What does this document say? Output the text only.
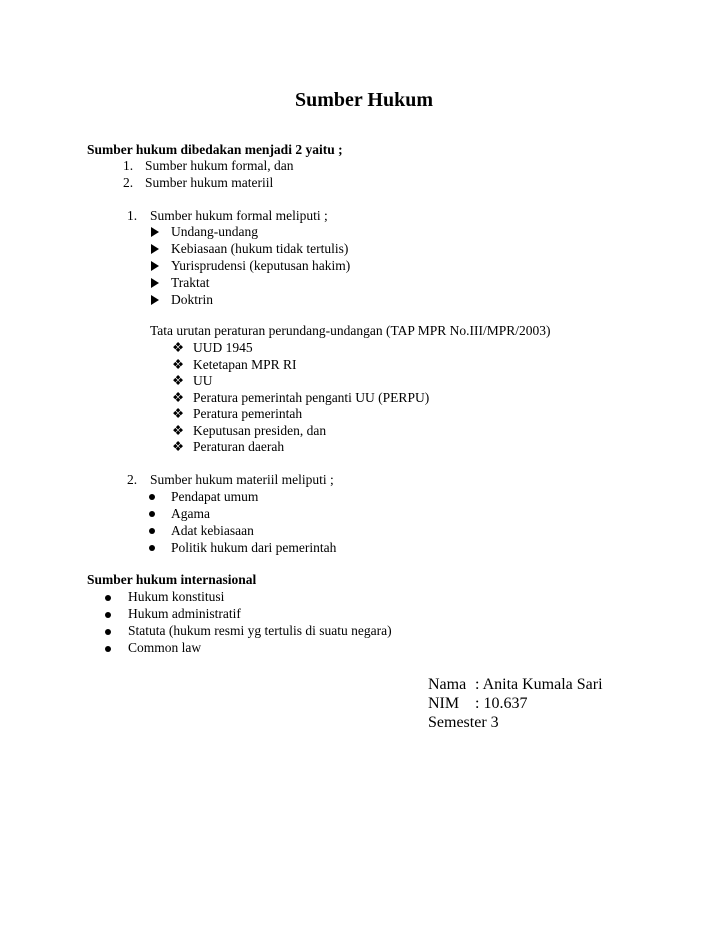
Sumber Hukum
Sumber hukum dibedakan menjadi 2 yaitu ;
1. Sumber hukum formal, dan
2. Sumber hukum materiil
1. Sumber hukum formal meliputi ;
Undang-undang
Kebiasaan (hukum tidak tertulis)
Yurisprudensi (keputusan hakim)
Traktat
Doktrin
Tata urutan peraturan perundang-undangan (TAP MPR No.III/MPR/2003)
❖ UUD 1945
❖ Ketetapan MPR RI
❖ UU
❖ Peratura pemerintah penganti UU (PERPU)
❖ Peratura pemerintah
❖ Keputusan presiden, dan
❖ Peraturan daerah
2. Sumber hukum materiil meliputi ;
Pendapat umum
Agama
Adat kebiasaan
Politik hukum dari pemerintah
Sumber hukum internasional
Hukum konstitusi
Hukum administratif
Statuta (hukum resmi yg tertulis di suatu negara)
Common law
Nama : Anita Kumala Sari
NIM : 10.637
Semester 3
